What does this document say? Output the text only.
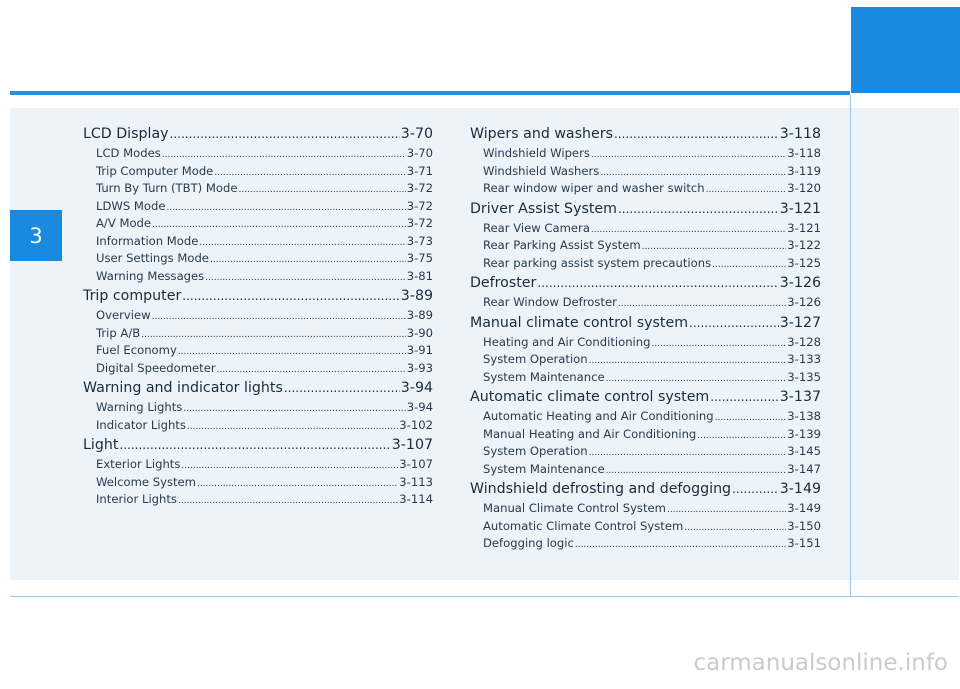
3
LCD Display .....	3-70
LCD Modes .....	3-70
Trip Computer Mode .....	3-71
Turn By Turn (TBT) Mode .....	3-72
LDWS Mode .....	3-72
A/V Mode .....	3-72
Information Mode .....	3-73
User Settings Mode .....	3-75
Warning Messages .....	3-81
Trip computer .....	3-89
Overview .....	3-89
Trip A/B .....	3-90
Fuel Economy .....	3-91
Digital Speedometer .....	3-93
Warning and indicator lights .....	3-94
Warning Lights .....	3-94
Indicator Lights .....	3-102
Light .....	3-107
Exterior Lights .....	3-107
Welcome System .....	3-113
Interior Lights .....	3-114
Wipers and washers .....	3-118
Windshield Wipers .....	3-118
Windshield Washers .....	3-119
Rear window wiper and washer switch .....	3-120
Driver Assist System .....	3-121
Rear View Camera .....	3-121
Rear Parking Assist System .....	3-122
Rear parking assist system precautions .....	3-125
Defroster .....	3-126
Rear Window Defroster .....	3-126
Manual climate control system .....	3-127
Heating and Air Conditioning .....	3-128
System Operation .....	3-133
System Maintenance .....	3-135
Automatic climate control system .....	3-137
Automatic Heating and Air Conditioning .....	3-138
Manual Heating and Air Conditioning .....	3-139
System Operation .....	3-145
System Maintenance .....	3-147
Windshield defrosting and defogging .....	3-149
Manual Climate Control System .....	3-149
Automatic Climate Control System .....	3-150
Defogging logic .....	3-151
carmanualsonline.info
